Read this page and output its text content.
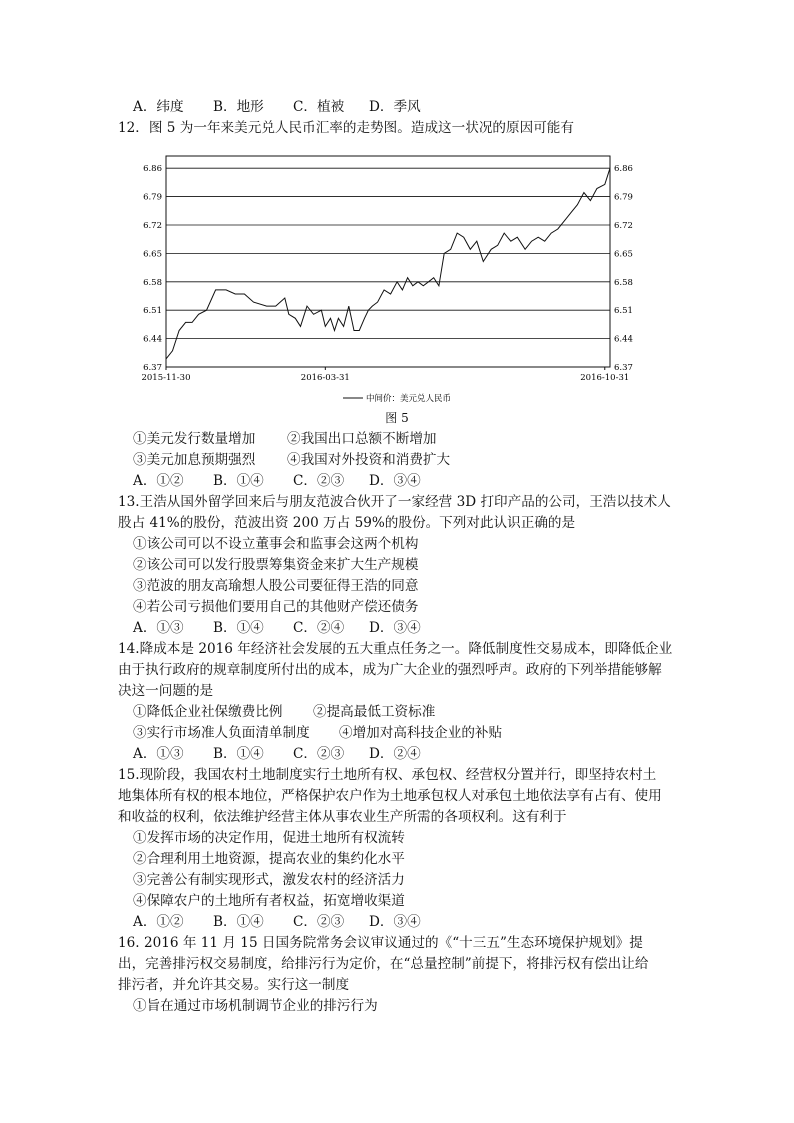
A．纬度 B．地形 C．植被 D．季风
12．图 5 为一年来美元兑人民币汇率的走势图。造成这一状况的原因可能有
6.37
6.44
6.51
6.58
6.65
6.72
6.79
6.86
6.37
6.44
6.51
6.58
6.65
6.72
6.79
6.86
2015-11-30	2016-03-31	2016-10-31
中间价：美元兑人民币
图 5
①美元发行数量增加 ②我国出口总额不断增加
③美元加息预期强烈 ④我国对外投资和消费扩大
A．①② B．①④ C．②③ D．③④
13.王浩从国外留学回来后与朋友范波合伙开了一家经营 3D 打印产品的公司，王浩以技术人
股占 41%的股份，范波出资 200 万占 59%的股份。下列对此认识正确的是
①该公司可以不设立董事会和监事会这两个机构
②该公司可以发行股票筹集资金来扩大生产规模
③范波的朋友高瑜想人股公司要征得王浩的同意
④若公司亏损他们要用自己的其他财产偿还债务
A．①③ B．①④ C．②④ D．③④
14.降成本是 2016 年经济社会发展的五大重点任务之一。降低制度性交易成本，即降低企业
由于执行政府的规章制度所付出的成本，成为广大企业的强烈呼声。政府的下列举措能够解
决这一问题的是
①降低企业社保缴费比例 ②提高最低工资标准
③实行市场准人负面清单制度 ④增加对高科技企业的补贴
A．①③ B．①④ C．②③ D．②④
15.现阶段，我国农村土地制度实行土地所有权、承包权、经营权分置并行，即坚持农村土
地集体所有权的根本地位，严格保护农户作为土地承包权人对承包土地依法享有占有、使用
和收益的权利，依法维护经营主体从事农业生产所需的各项权利。这有利于
①发挥市场的决定作用，促进土地所有权流转
②合理利用土地资源，提高农业的集约化水平
③完善公有制实现形式，激发农村的经济活力
④保障农户的土地所有者权益，拓宽增收渠道
A．①② B．①④ C．②③ D．③④
16. 2016 年 11 月 15 日国务院常务会议审议通过的《“十三五”生态环境保护规划》提
出，完善排污权交易制度，给排污行为定价，在“总量控制”前提下，将排污权有偿出让给
排污者，并允许其交易。实行这一制度
①旨在通过市场机制调节企业的排污行为
